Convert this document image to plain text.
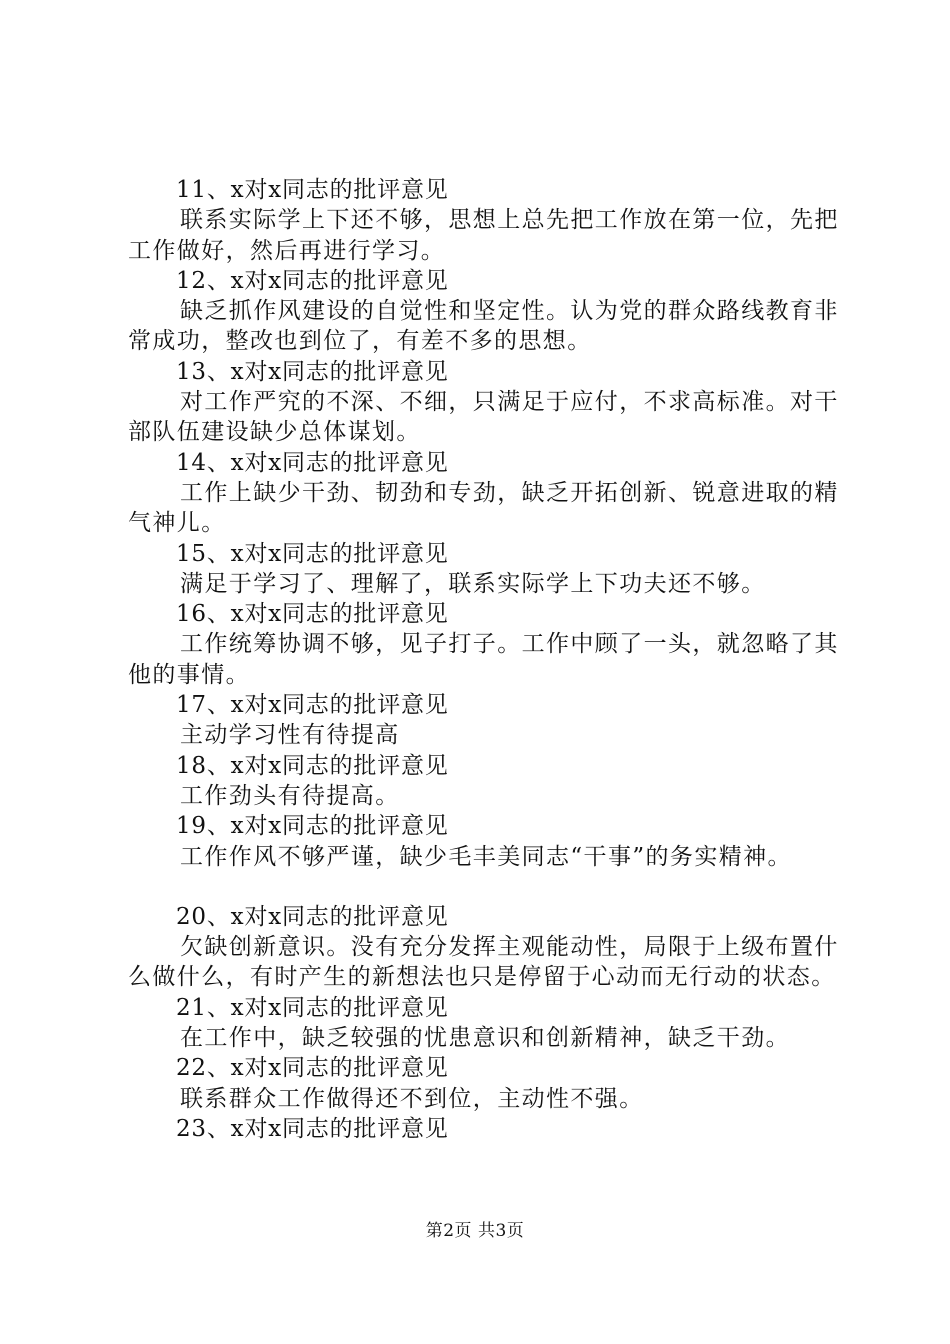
11、x对x同志的批评意见

联系实际学上下还不够，思想上总先把工作放在第一位，先把工作做好，然后再进行学习。

12、x对x同志的批评意见

缺乏抓作风建设的自觉性和坚定性。认为党的群众路线教育非常成功，整改也到位了，有差不多的思想。

13、x对x同志的批评意见

对工作严究的不深、不细，只满足于应付，不求高标准。对干部队伍建设缺少总体谋划。

14、x对x同志的批评意见

工作上缺少干劲、韧劲和专劲，缺乏开拓创新、锐意进取的精气神儿。

15、x对x同志的批评意见

满足于学习了、理解了，联系实际学上下功夫还不够。

16、x对x同志的批评意见

工作统筹协调不够，见子打子。工作中顾了一头，就忽略了其他的事情。

17、x对x同志的批评意见

主动学习性有待提高

18、x对x同志的批评意见

工作劲头有待提高。

19、x对x同志的批评意见

工作作风不够严谨，缺少毛丰美同志“干事”的务实精神。

20、x对x同志的批评意见

欠缺创新意识。没有充分发挥主观能动性，局限于上级布置什么做什么，有时产生的新想法也只是停留于心动而无行动的状态。

21、x对x同志的批评意见

在工作中，缺乏较强的忧患意识和创新精神，缺乏干劲。

22、x对x同志的批评意见

联系群众工作做得还不到位，主动性不强。

23、x对x同志的批评意见

第2页 共3页
